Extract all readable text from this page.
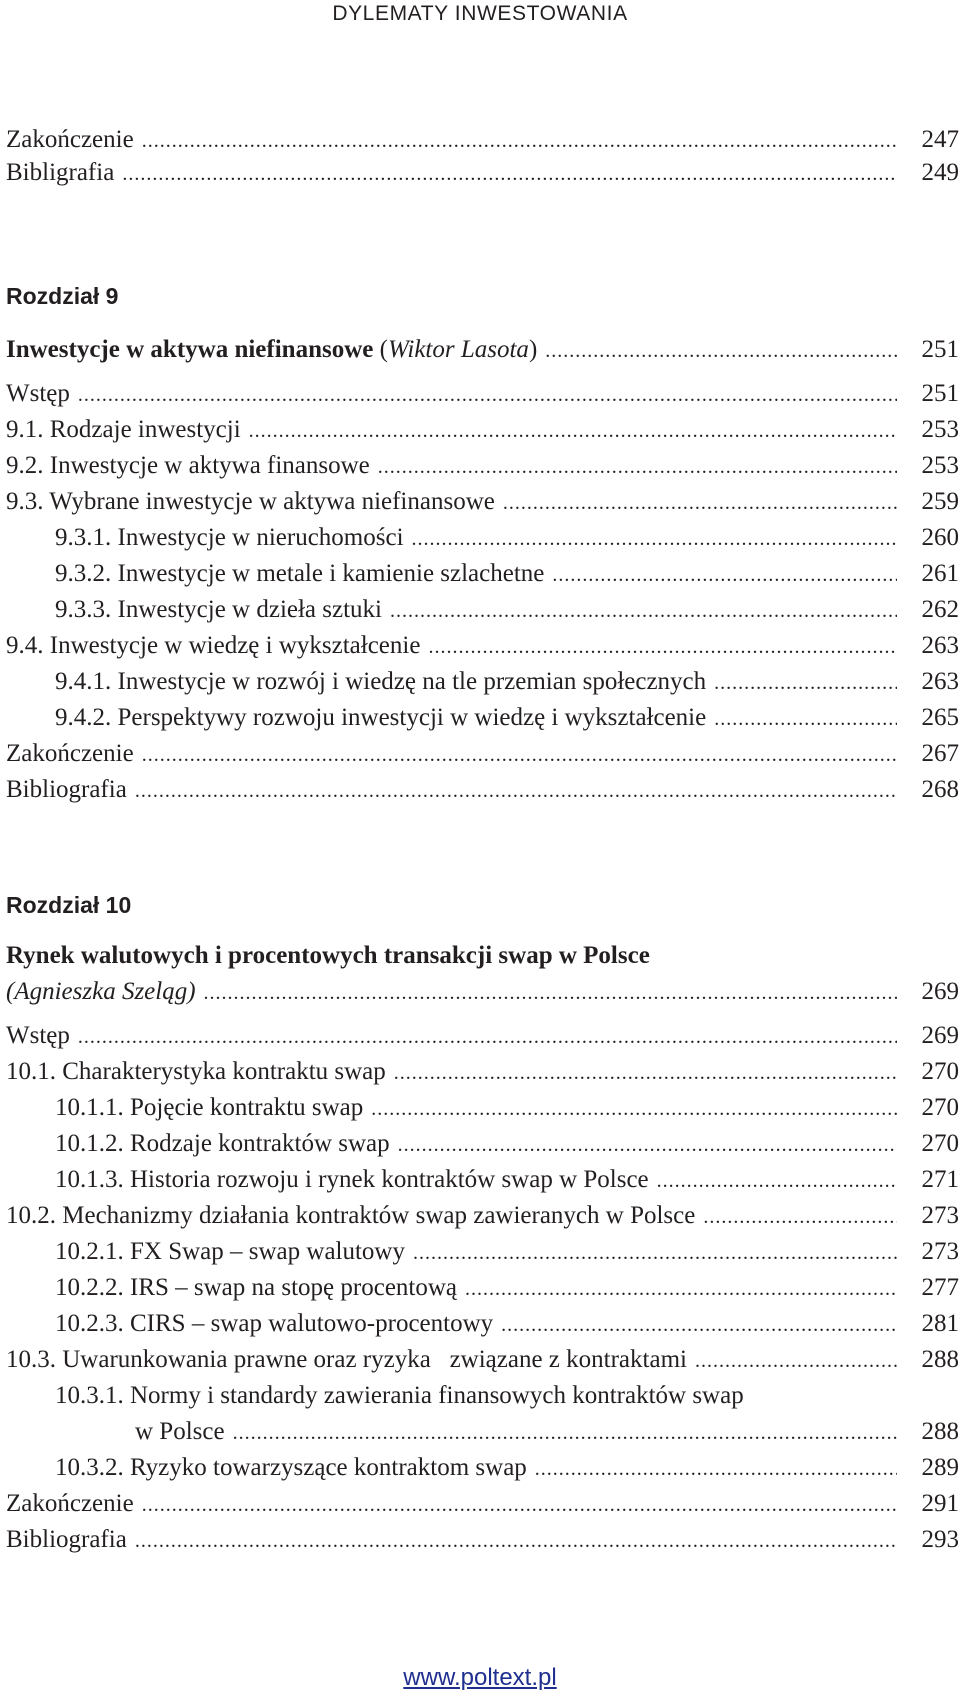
DYLEMATY INWESTOWANIA
Zakończenie .....	247
Bibligrafia .....	249
Rozdział 9
Inwestycje w aktywa niefinansowe (Wiktor Lasota) .....	251
Wstęp .....	251
9.1. Rodzaje inwestycji .....	253
9.2. Inwestycje w aktywa finansowe .....	253
9.3. Wybrane inwestycje w aktywa niefinansowe .....	259
9.3.1. Inwestycje w nieruchomości .....	260
9.3.2. Inwestycje w metale i kamienie szlachetne .....	261
9.3.3. Inwestycje w dzieła sztuki .....	262
9.4. Inwestycje w wiedzę i wykształcenie .....	263
9.4.1. Inwestycje w rozwój i wiedzę na tle przemian społecznych .....	263
9.4.2. Perspektywy rozwoju inwestycji w wiedzę i wykształcenie .....	265
Zakończenie .....	267
Bibliografia .....	268
Rozdział 10
Rynek walutowych i procentowych transakcji swap w Polsce
(Agnieszka Szeląg) .....	269
Wstęp .....	269
10.1. Charakterystyka kontraktu swap .....	270
10.1.1. Pojęcie kontraktu swap .....	270
10.1.2. Rodzaje kontraktów swap .....	270
10.1.3. Historia rozwoju i rynek kontraktów swap w Polsce .....	271
10.2. Mechanizmy działania kontraktów swap zawieranych w Polsce .....	273
10.2.1. FX Swap – swap walutowy .....	273
10.2.2. IRS – swap na stopę procentową .....	277
10.2.3. CIRS – swap walutowo-procentowy .....	281
10.3. Uwarunkowania prawne oraz ryzyka   związane z kontraktami .....	288
10.3.1. Normy i standardy zawierania finansowych kontraktów swap
w Polsce .....	288
10.3.2. Ryzyko towarzyszące kontraktom swap .....	289
Zakończenie .....	291
Bibliografia .....	293
www.poltext.pl
